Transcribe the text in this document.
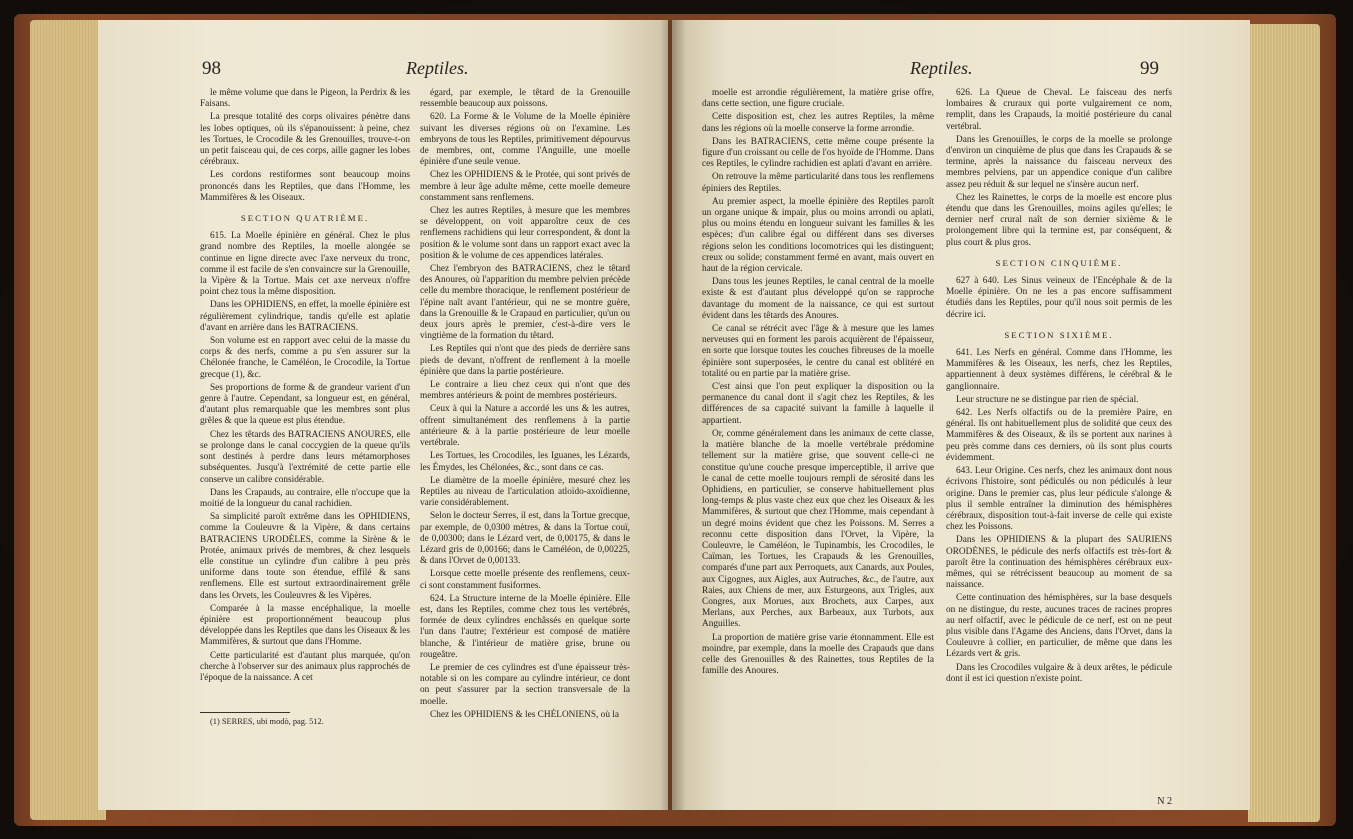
98	Reptiles.

le même volume que dans le Pigeon, la Perdrix & les Faisans.

La presque totalité des corps olivaires pénètre dans les lobes optiques, où ils s'épanouissent: à peine, chez les Tortues, le Crocodile & les Grenouilles, trouve-t-on un petit faisceau qui, de ces corps, aille gagner les lobes cérébraux.

Les cordons restiformes sont beaucoup moins prononcés dans les Reptiles, que dans l'Homme, les Mammifères & les Oiseaux.

SECTION QUATRIÈME.

615. La Moelle épinière en général. Chez le plus grand nombre des Reptiles, la moelle alongée se continue en ligne directe avec l'axe nerveux du tronc, comme il est facile de s'en convaincre sur la Grenouille, la Vipère & la Tortue. Mais cet axe nerveux n'offre point chez tous la même disposition.

Dans les OPHIDIENS, en effet, la moelle épinière est régulièrement cylindrique, tandis qu'elle est aplatie d'avant en arrière dans les BATRACIENS.

Son volume est en rapport avec celui de la masse du corps & des nerfs, comme a pu s'en assurer sur la Chélonée franche, le Caméléon, le Crocodile, la Tortue grecque (1), &c.

Ses proportions de forme & de grandeur varient d'un genre à l'autre. Cependant, sa longueur est, en général, d'autant plus remarquable que les membres sont plus grêles & que la queue est plus étendue.

Chez les têtards des BATRACIENS ANOURES, elle se prolonge dans le canal coccygien de la queue qu'ils sont destinés à perdre dans leurs métamorphoses subséquentes. Jusqu'à l'extrémité de cette partie elle conserve un calibre considérable.

Dans les Crapauds, au contraire, elle n'occupe que la moitié de la longueur du canal rachidien.

Sa simplicité paroît extrême dans les OPHIDIENS, comme la Couleuvre & la Vipère, & dans certains BATRACIENS URODÈLES, comme la Sirène & le Protée, animaux privés de membres, & chez lesquels elle constitue un cylindre d'un calibre à peu près uniforme dans toute son étendue, effilé & sans renflemens. Elle est surtout extraordinairement grêle dans les Orvets, les Couleuvres & les Vipères.

Comparée à la masse encéphalique, la moelle épinière est proportionnément beaucoup plus développée dans les Reptiles que dans les Oiseaux & les Mammifères, & surtout que dans l'Homme.

Cette particularité est d'autant plus marquée, qu'on cherche à l'observer sur des animaux plus rapprochés de l'époque de la naissance. A cet

(1) SERRES, ubi modò, pag. 512.

égard, par exemple, le têtard de la Grenouille ressemble beaucoup aux poissons.

620. La Forme & le Volume de la Moelle épinière suivant les diverses régions où on l'examine. Les embryons de tous les Reptiles, primitivement dépourvus de membres, ont, comme l'Anguille, une moelle épinière d'une seule venue.

Chez les OPHIDIENS & le Protée, qui sont privés de membre à leur âge adulte même, cette moelle demeure constamment sans renflemens.

Chez les autres Reptiles, à mesure que les membres se développent, on voit apparoître ceux de ces renflemens rachidiens qui leur correspondent, & dont la position & le volume sont dans un rapport exact avec la position & le volume de ces appendices latérales.

Chez l'embryon des BATRACIENS, chez le têtard des Anoures, où l'apparition du membre pelvien précède celle du membre thoracique, le renflement postérieur de l'épine naît avant l'antérieur, qui ne se montre guère, dans la Grenouille & le Crapaud en particulier, qu'un ou deux jours après le premier, c'est-à-dire vers le vingtième de la formation du têtard.

Les Reptiles qui n'ont que des pieds de derrière sans pieds de devant, n'offrent de renflement à la moelle épinière que dans la partie postérieure.

Le contraire a lieu chez ceux qui n'ont que des membres antérieurs & point de membres postérieurs.

Ceux à qui la Nature a accordé les uns & les autres, offrent simultanément des renflemens à la partie antérieure & à la partie postérieure de leur moelle vertébrale.

Les Tortues, les Crocodiles, les Iguanes, les Lézards, les Émydes, les Chélonées, &c., sont dans ce cas.

Le diamètre de la moelle épinière, mesuré chez les Reptiles au niveau de l'articulation atloïdo-axoïdienne, varie considérablement.

Selon le docteur Serres, il est, dans la Tortue grecque, par exemple, de 0,0300 mètres, & dans la Tortue couï, de 0,00300; dans le Lézard vert, de 0,00175, & dans le Lézard gris de 0,00166; dans le Caméléon, de 0,00225, & dans l'Orvet de 0,00133.

Lorsque cette moelle présente des renflemens, ceux-ci sont constamment fusiformes.

624. La Structure interne de la Moelle épinière. Elle est, dans les Reptiles, comme chez tous les vertébrés, formée de deux cylindres enchâssés en quelque sorte l'un dans l'autre; l'extérieur est composé de matière blanche, & l'intérieur de matière grise, brune ou rougeâtre.

Le premier de ces cylindres est d'une épaisseur très-notable si on les compare au cylindre intérieur, ce dont on peut s'assurer par la section transversale de la moelle.

Chez les OPHIDIENS & les CHÉLONIENS, où la

Reptiles.	99

moelle est arrondie régulièrement, la matière grise offre, dans cette section, une figure cruciale.

Cette disposition est, chez les autres Reptiles, la même dans les régions où la moelle conserve la forme arrondie.

Dans les BATRACIENS, cette même coupe présente la figure d'un croissant ou celle de l'os hyoïde de l'Homme. Dans ces Reptiles, le cylindre rachidien est aplati d'avant en arrière.

On retrouve la même particularité dans tous les renflemens épiniers des Reptiles.

Au premier aspect, la moelle épinière des Reptiles paroît un organe unique & impair, plus ou moins arrondi ou aplati, plus ou moins étendu en longueur suivant les familles & les espèces; d'un calibre égal ou différent dans ses diverses régions selon les conditions locomotrices qui les distinguent; creux ou solide; constamment fermé en avant, mais ouvert en haut de la région cervicale.

Dans tous les jeunes Reptiles, le canal central de la moelle existe & est d'autant plus développé qu'on se rapproche davantage du moment de la naissance, ce qui est surtout évident dans les têtards des Anoures.

Ce canal se rétrécit avec l'âge & à mesure que les lames nerveuses qui en forment les parois acquièrent de l'épaisseur, en sorte que lorsque toutes les couches fibreuses de la moelle épinière sont superposées, le centre du canal est oblitéré en totalité ou en partie par la matière grise.

C'est ainsi que l'on peut expliquer la disposition ou la permanence du canal dont il s'agit chez les Reptiles, & les différences de sa capacité suivant la famille à laquelle il appartient.

Or, comme généralement dans les animaux de cette classe, la matière blanche de la moelle vertébrale prédomine tellement sur la matière grise, que souvent celle-ci ne constitue qu'une couche presque imperceptible, il arrive que le canal de cette moelle toujours rempli de sérosité dans les Ophidiens, en particulier, se conserve habituellement plus long-temps & plus vaste chez eux que chez les Oiseaux & les Mammifères, & surtout que chez l'Homme, mais cependant à un degré moins évident que chez les Poissons. M. Serres a reconnu cette disposition dans l'Orvet, la Vipère, la Couleuvre, le Caméléon, le Tupinambis, les Crocodiles, le Caïman, les Tortues, les Crapauds & les Grenouilles, comparés d'une part aux Perroquets, aux Canards, aux Poules, aux Cigognes, aux Aigles, aux Autruches, &c., de l'autre, aux Raies, aux Chiens de mer, aux Esturgeons, aux Trigles, aux Congres, aux Morues, aux Brochets, aux Carpes, aux Merlans, aux Perches, aux Barbeaux, aux Turbots, aux Anguilles.

La proportion de matière grise varie étonnamment. Elle est moindre, par exemple, dans la moelle des Crapauds que dans celle des Grenouilles & des Rainettes, tous Reptiles de la famille des Anoures.

626. La Queue de Cheval. Le faisceau des nerfs lombaires & cruraux qui porte vulgairement ce nom, remplit, dans les Crapauds, la moitié postérieure du canal vertébral.

Dans les Grenouilles, le corps de la moelle se prolonge d'environ un cinquième de plus que dans les Crapauds & se termine, après la naissance du faisceau nerveux des membres pelviens, par un appendice conique d'un calibre assez peu réduit & sur lequel ne s'insère aucun nerf.

Chez les Rainettes, le corps de la moelle est encore plus étendu que dans les Grenouilles, moins agiles qu'elles; le dernier nerf crural naît de son dernier sixième & le prolongement libre qui la termine est, par conséquent, & plus court & plus gros.

SECTION CINQUIÈME.

627 à 640. Les Sinus veineux de l'Encéphale & de la Moelle épinière. On ne les a pas encore suffisamment étudiés dans les Reptiles, pour qu'il nous soit permis de les décrire ici.

SECTION SIXIÈME.

641. Les Nerfs en général. Comme dans l'Homme, les Mammifères & les Oiseaux, les nerfs, chez les Reptiles, appartiennent à deux systèmes différens, le cérébral & le ganglionnaire.

Leur structure ne se distingue par rien de spécial.

642. Les Nerfs olfactifs ou de la première Paire, en général. Ils ont habituellement plus de solidité que ceux des Mammifères & des Oiseaux, & ils se portent aux narines à peu près comme dans ces derniers, où ils sont plus courts évidemment.

643. Leur Origine. Ces nerfs, chez les animaux dont nous écrivons l'histoire, sont pédiculés ou non pédiculés à leur origine. Dans le premier cas, plus leur pédicule s'alonge & plus il semble entraîner la diminution des hémisphères cérébraux, disposition tout-à-fait inverse de celle qui existe chez les Poissons.

Dans les OPHIDIENS & la plupart des SAURIENS ORODÈNES, le pédicule des nerfs olfactifs est très-fort & paroît être la continuation des hémisphères cérébraux eux-mêmes, qui se rétrécissent beaucoup au moment de sa naissance.

Cette continuation des hémisphères, sur la base desquels on ne distingue, du reste, aucunes traces de racines propres au nerf olfactif, avec le pédicule de ce nerf, est on ne peut plus visible dans l'Agame des Anciens, dans l'Orvet, dans la Couleuvre à collier, en particulier, de même que dans les Lézards vert & gris.

Dans les Crocodiles vulgaire & à deux arêtes, le pédicule dont il est ici question n'existe point.

N 2
